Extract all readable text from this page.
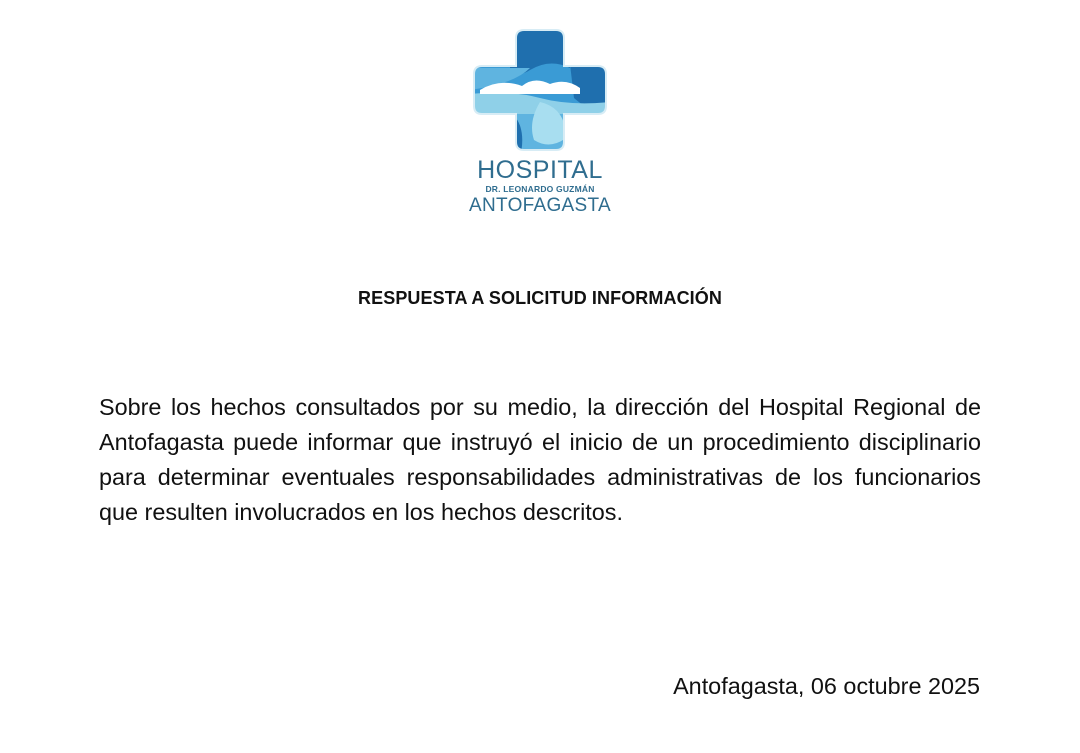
HOSPITAL
DR. LEONARDO GUZMÁN
ANTOFAGASTA
RESPUESTA A SOLICITUD INFORMACIÓN
Sobre los hechos consultados por su medio, la dirección del Hospital Regional de Antofagasta puede informar que instruyó el inicio de un procedimiento disciplinario para determinar eventuales responsabilidades administrativas de los funcionarios que resulten involucrados en los hechos descritos.
Antofagasta, 06 octubre 2025
